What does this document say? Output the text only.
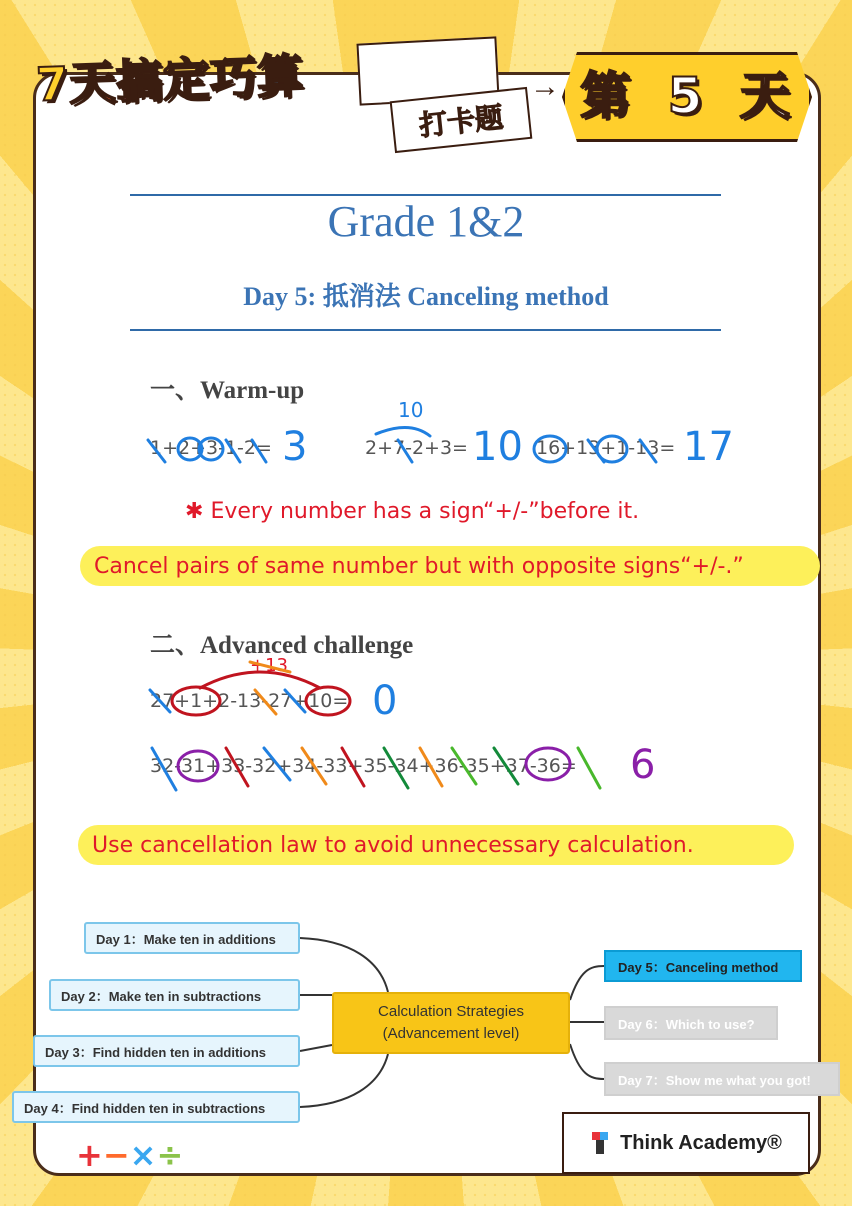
7天搞定巧算
打卡题
→ 第 5 天
Grade 1&2
Day 5: 抵消法 Canceling method
一、Warm-up
1+2+3-1-2=	2+7-2+3=	16+13+1-13=
3	10	17
10
✱ Every number has a sign“+/-”before it.
Cancel pairs of same number but with opposite signs“+/-.”
二、Advanced challenge
27+1+2-13-27+10= 0
+13
32-31+33-32+34-33+35-34+36-35+37-36= 6
Use cancellation law to avoid unnecessary calculation.
Day 1：Make ten in additions
Day 2：Make ten in subtractions
Day 3：Find hidden ten in additions
Day 4：Find hidden ten in subtractions
Calculation Strategies
(Advancement level)
Day 5：Canceling method
Day 6：Which to use?
Day 7：Show me what you got!
+−×÷	Think Academy®
